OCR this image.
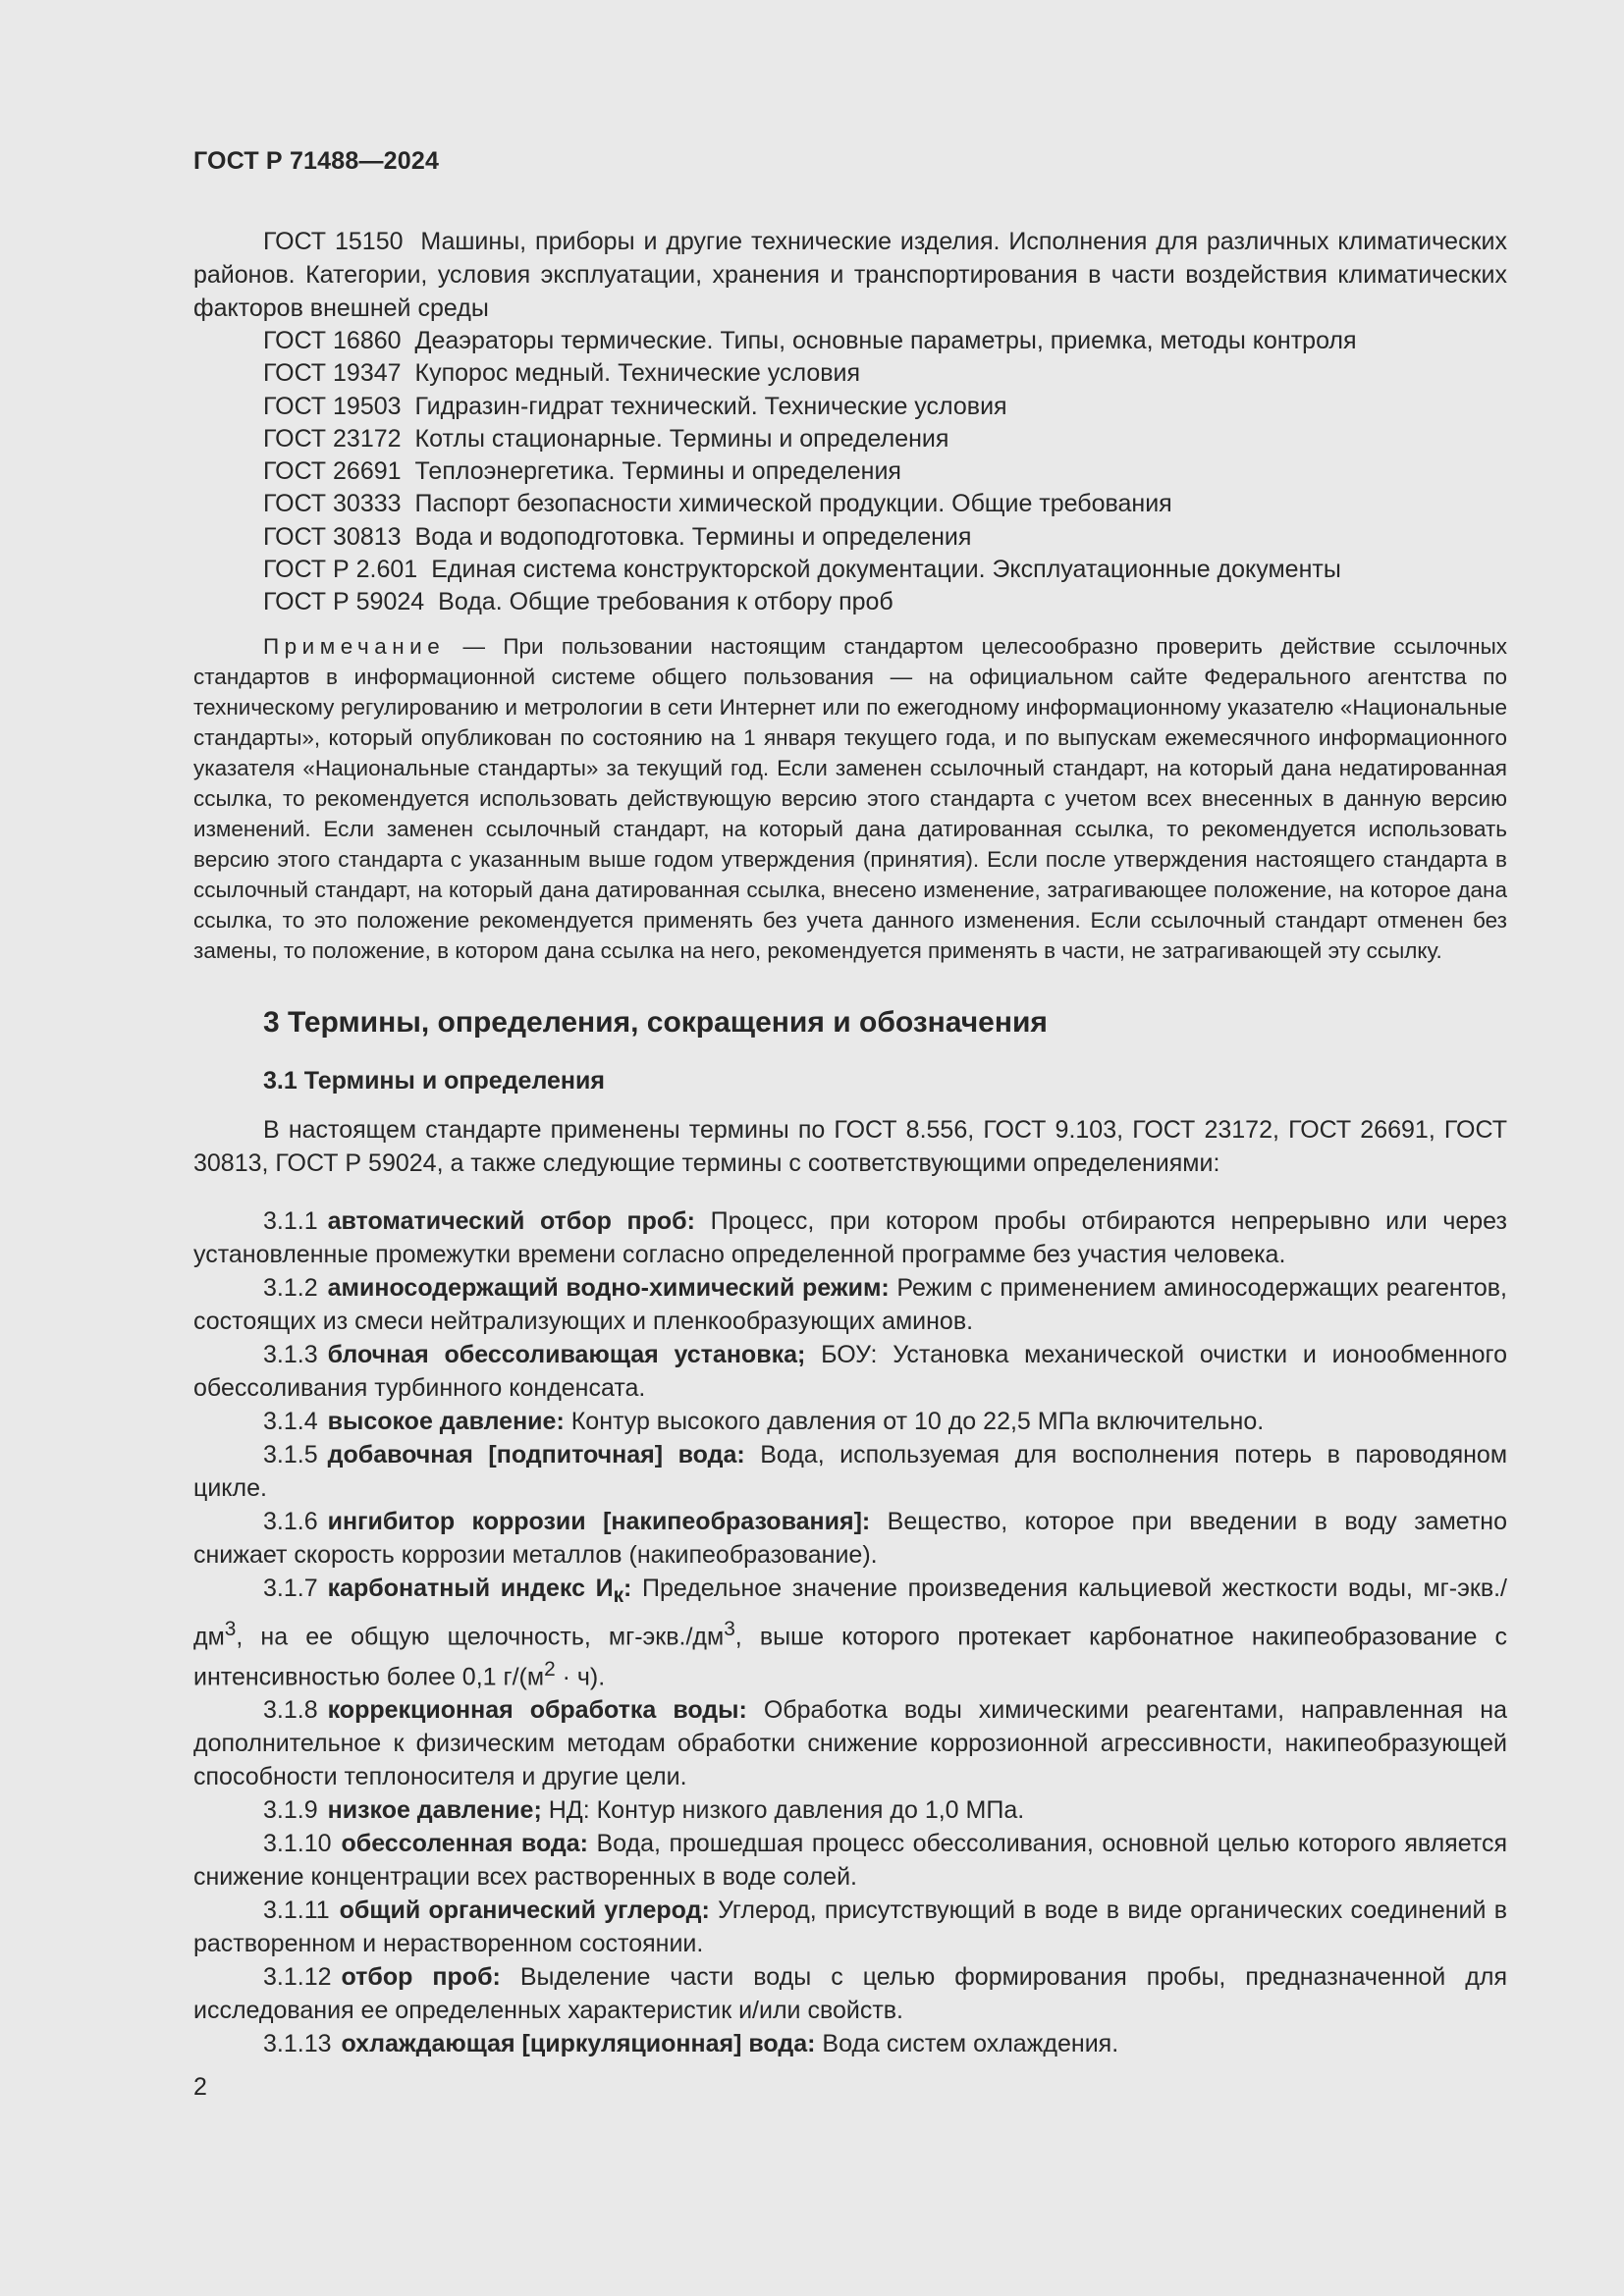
ГОСТ Р 71488—2024

ГОСТ 15150 Машины, приборы и другие технические изделия. Исполнения для различных климатических районов. Категории, условия эксплуатации, хранения и транспортирования в части воздействия климатических факторов внешней среды

ГОСТ 16860 Деаэраторы термические. Типы, основные параметры, приемка, методы контроля

ГОСТ 19347 Купорос медный. Технические условия

ГОСТ 19503 Гидразин-гидрат технический. Технические условия

ГОСТ 23172 Котлы стационарные. Термины и определения

ГОСТ 26691 Теплоэнергетика. Термины и определения

ГОСТ 30333 Паспорт безопасности химической продукции. Общие требования

ГОСТ 30813 Вода и водоподготовка. Термины и определения

ГОСТ Р 2.601 Единая система конструкторской документации. Эксплуатационные документы

ГОСТ Р 59024 Вода. Общие требования к отбору проб

Примечание — При пользовании настоящим стандартом целесообразно проверить действие ссылочных стандартов в информационной системе общего пользования — на официальном сайте Федерального агентства по техническому регулированию и метрологии в сети Интернет или по ежегодному информационному указателю «Национальные стандарты», который опубликован по состоянию на 1 января текущего года, и по выпускам ежемесячного информационного указателя «Национальные стандарты» за текущий год. Если заменен ссылочный стандарт, на который дана недатированная ссылка, то рекомендуется использовать действующую версию этого стандарта с учетом всех внесенных в данную версию изменений. Если заменен ссылочный стандарт, на который дана датированная ссылка, то рекомендуется использовать версию этого стандарта с указанным выше годом утверждения (принятия). Если после утверждения настоящего стандарта в ссылочный стандарт, на который дана датированная ссылка, внесено изменение, затрагивающее положение, на которое дана ссылка, то это положение рекомендуется применять без учета данного изменения. Если ссылочный стандарт отменен без замены, то положение, в котором дана ссылка на него, рекомендуется применять в части, не затрагивающей эту ссылку.
3 Термины, определения, сокращения и обозначения
3.1 Термины и определения

В настоящем стандарте применены термины по ГОСТ 8.556, ГОСТ 9.103, ГОСТ 23172, ГОСТ 26691, ГОСТ 30813, ГОСТ Р 59024, а также следующие термины с соответствующими определениями:

3.1.1 автоматический отбор проб: Процесс, при котором пробы отбираются непрерывно или через установленные промежутки времени согласно определенной программе без участия человека.

3.1.2 аминосодержащий водно-химический режим: Режим с применением аминосодержащих реагентов, состоящих из смеси нейтрализующих и пленкообразующих аминов.

3.1.3 блочная обессоливающая установка; БОУ: Установка механической очистки и ионообменного обессоливания турбинного конденсата.

3.1.4 высокое давление: Контур высокого давления от 10 до 22,5 МПа включительно.

3.1.5 добавочная [подпиточная] вода: Вода, используемая для восполнения потерь в пароводяном цикле.

3.1.6 ингибитор коррозии [накипеобразования]: Вещество, которое при введении в воду заметно снижает скорость коррозии металлов (накипеобразование).

3.1.7 карбонатный индекс $И_к$: Предельное значение произведения кальциевой жесткости воды, $мг-экв./дм^3$, на ее общую щелочность, $мг-экв./дм^3$, выше которого протекает карбонатное накипеобразование с интенсивностью более 0,1 $г/(м^2 \cdot ч)$.

3.1.8 коррекционная обработка воды: Обработка воды химическими реагентами, направленная на дополнительное к физическим методам обработки снижение коррозионной агрессивности, накипеобразующей способности теплоносителя и другие цели.

3.1.9 низкое давление; НД: Контур низкого давления до 1,0 МПа.

3.1.10 обессоленная вода: Вода, прошедшая процесс обессоливания, основной целью которого является снижение концентрации всех растворенных в воде солей.

3.1.11 общий органический углерод: Углерод, присутствующий в воде в виде органических соединений в растворенном и нерастворенном состоянии.

3.1.12 отбор проб: Выделение части воды с целью формирования пробы, предназначенной для исследования ее определенных характеристик и/или свойств.

3.1.13 охлаждающая [циркуляционная] вода: Вода систем охлаждения.

2
